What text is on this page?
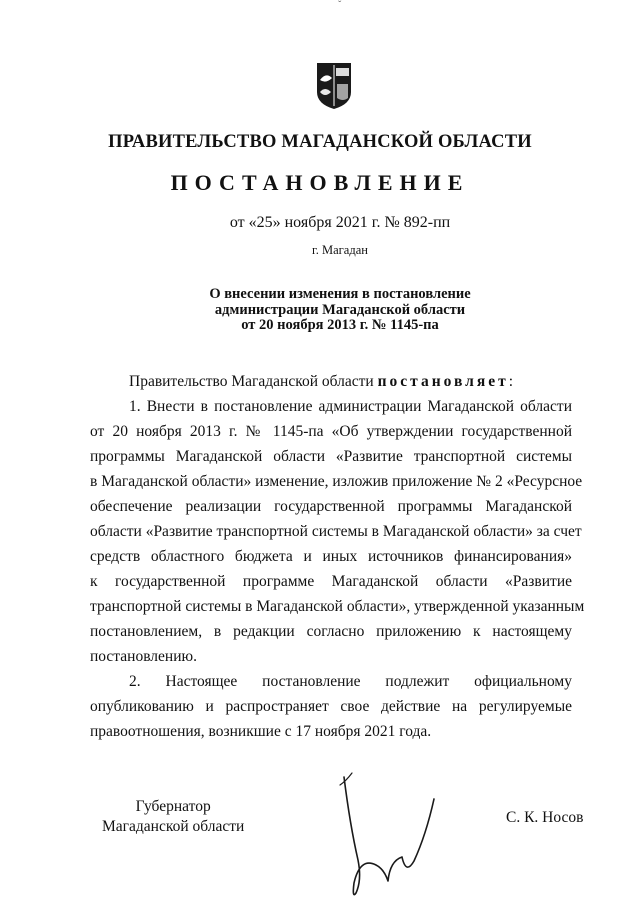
ˇ
ПРАВИТЕЛЬСТВО МАГАДАНСКОЙ ОБЛАСТИ
ПОСТАНОВЛЕНИЕ
от «25» ноября 2021 г. № 892-пп
г. Магадан
О внесении изменения в постановление
администрации Магаданской области
от 20 ноября 2013 г. № 1145-па
Правительство Магаданской области постановляет:
1. Внести в постановление администрации Магаданской области
от 20 ноября 2013 г. № 1145-па «Об утверждении государственной
программы Магаданской области «Развитие транспортной системы
в Магаданской области» изменение, изложив приложение № 2 «Ресурсное
обеспечение реализации государственной программы Магаданской
области «Развитие транспортной системы в Магаданской области» за счет
средств областного бюджета и иных источников финансирования»
к государственной программе Магаданской области «Развитие
транспортной системы в Магаданской области», утвержденной указанным
постановлением, в редакции согласно приложению к настоящему
постановлению.
2. Настоящее постановление подлежит официальному
опубликованию и распространяет свое действие на регулируемые
правоотношения, возникшие с 17 ноября 2021 года.
Губернатор
Магаданской области
С. К. Носов
